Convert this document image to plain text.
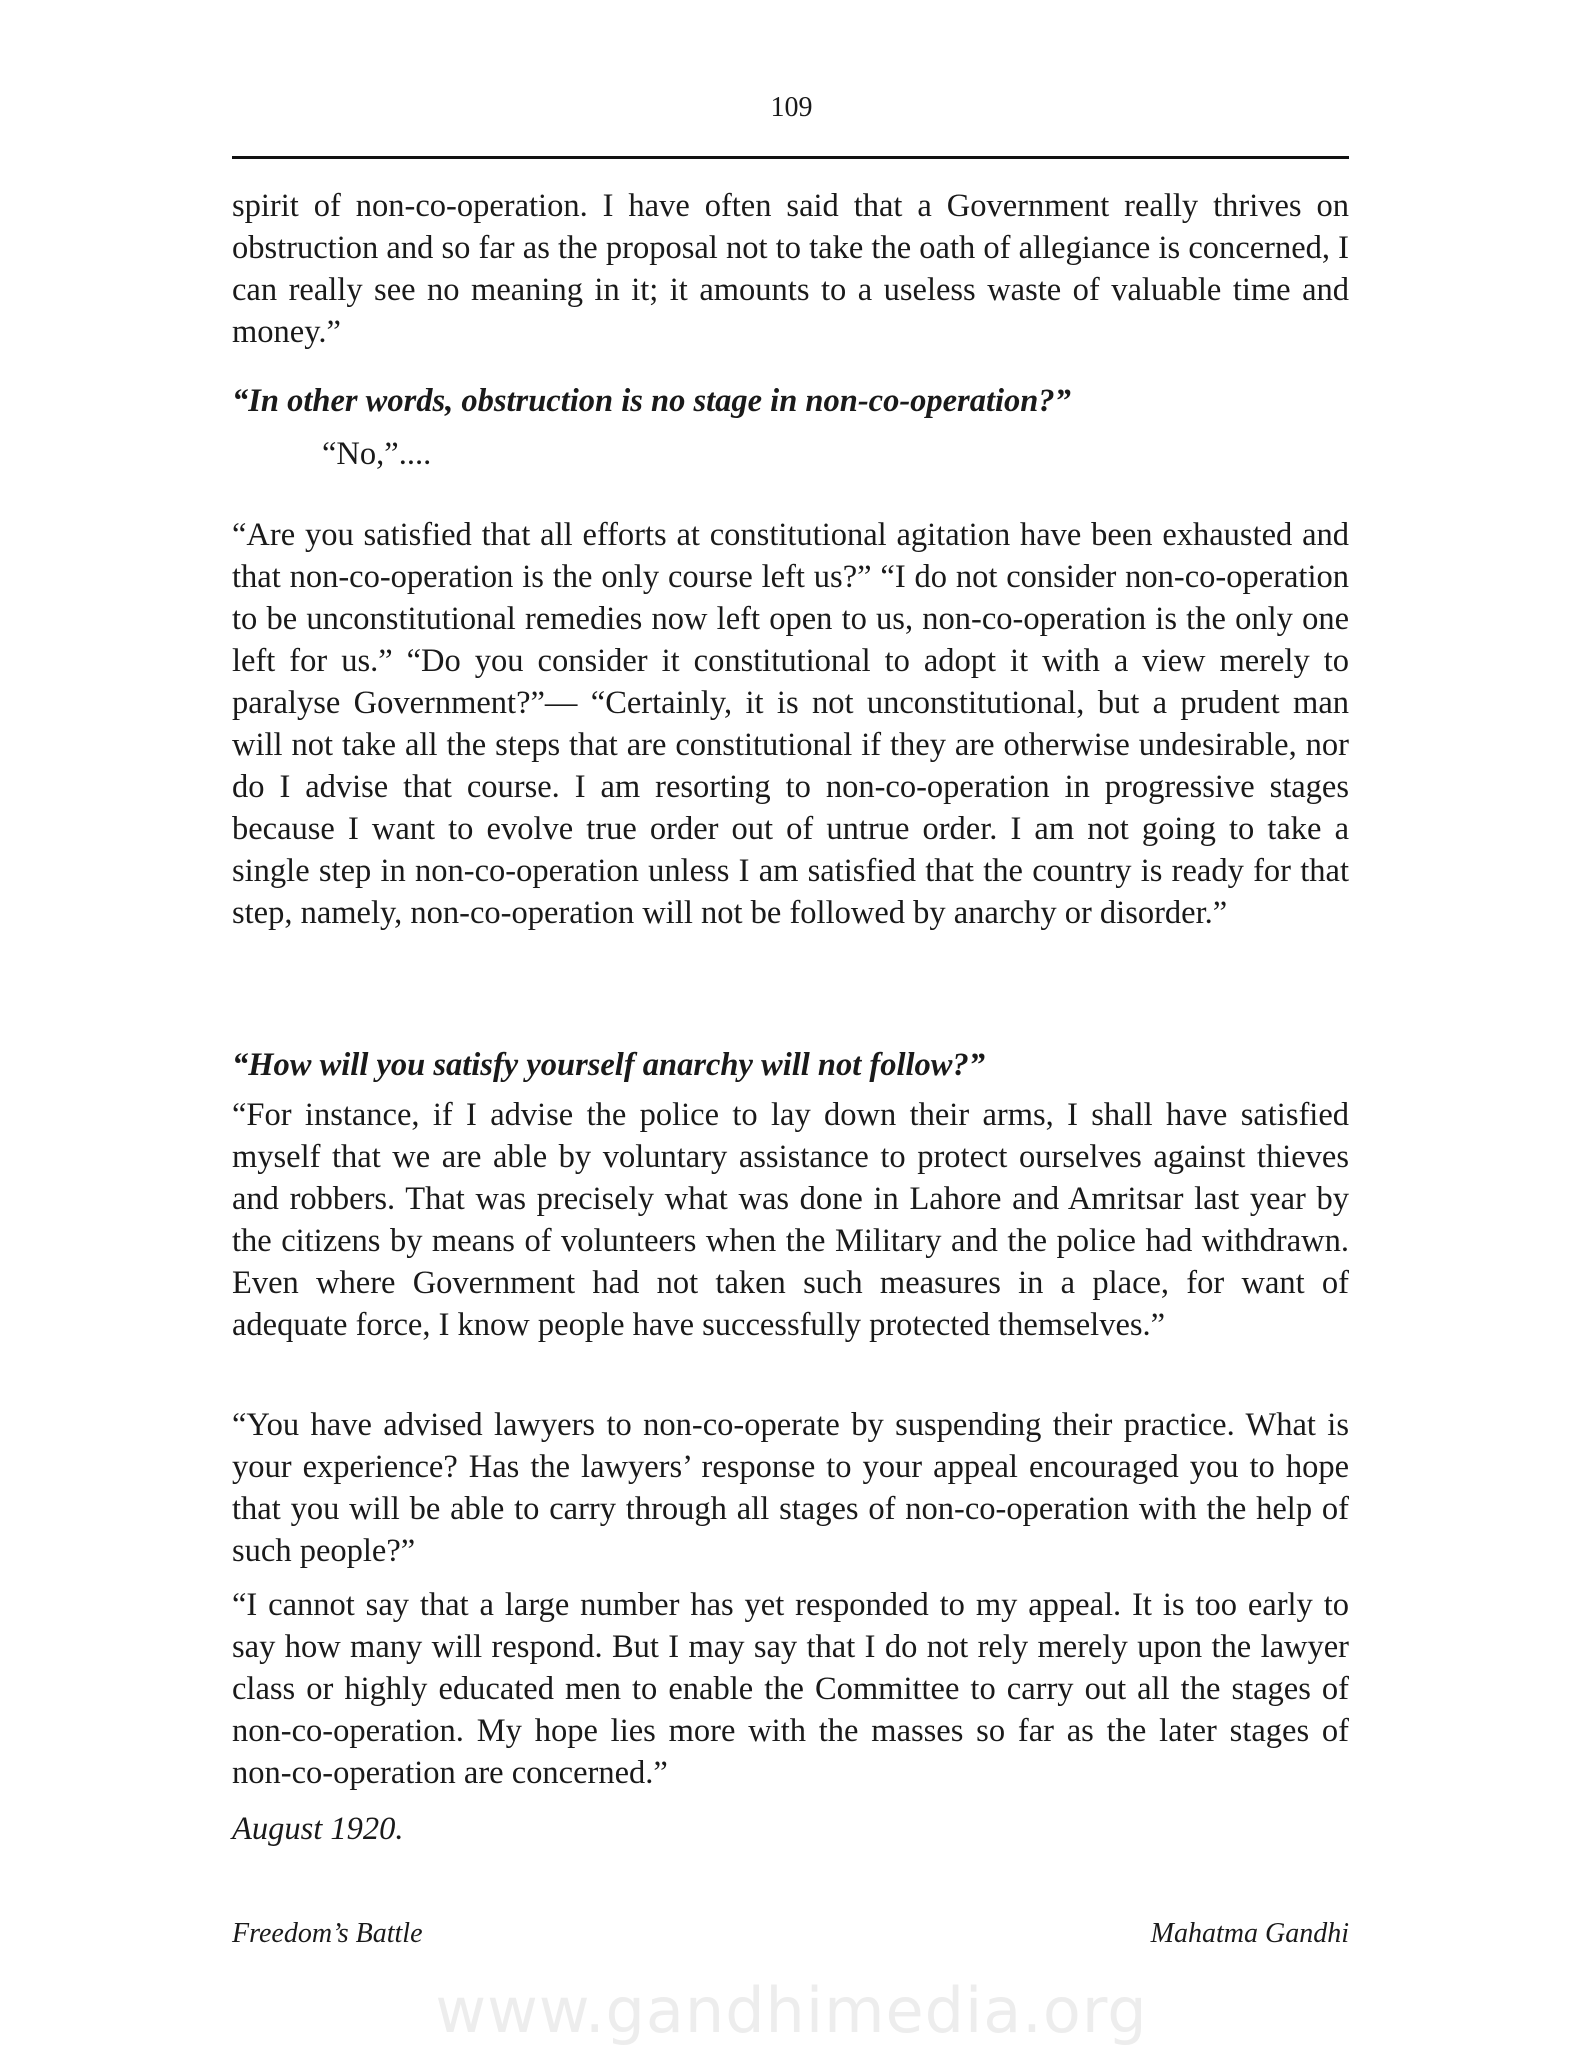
109

spirit of non-co-operation. I have often said that a Government really thrives on obstruction and so far as the proposal not to take the oath of allegiance is concerned, I can really see no meaning in it; it amounts to a useless waste of valuable time and money.”

“In other words, obstruction is no stage in non-co-operation?”

“No,”....

“Are you satisfied that all efforts at constitutional agitation have been exhausted and that non-co-operation is the only course left us?” “I do not consider non-co-operation to be unconstitutional remedies now left open to us, non-co-operation is the only one left for us.” “Do you consider it constitutional to adopt it with a view merely to paralyse Government?”— “Certainly, it is not unconstitutional, but a prudent man will not take all the steps that are constitutional if they are otherwise undesirable, nor do I advise that course. I am resorting to non-co-operation in progressive stages because I want to evolve true order out of untrue order. I am not going to take a single step in non-co-operation unless I am satisfied that the country is ready for that step, namely, non-co-operation will not be followed by anarchy or disorder.”

“How will you satisfy yourself anarchy will not follow?”

“For instance, if I advise the police to lay down their arms, I shall have satisfied myself that we are able by voluntary assistance to protect ourselves against thieves and robbers. That was precisely what was done in Lahore and Amritsar last year by the citizens by means of volunteers when the Military and the police had withdrawn. Even where Government had not taken such measures in a place, for want of adequate force, I know people have successfully protected themselves.”

“You have advised lawyers to non-co-operate by suspending their practice. What is your experience? Has the lawyers’ response to your appeal encouraged you to hope that you will be able to carry through all stages of non-co-operation with the help of such people?”

“I cannot say that a large number has yet responded to my appeal. It is too early to say how many will respond. But I may say that I do not rely merely upon the lawyer class or highly educated men to enable the Committee to carry out all the stages of non-co-operation. My hope lies more with the masses so far as the later stages of non-co-operation are concerned.”

August 1920.

Freedom’s Battle	Mahatma Gandhi
www.gandhimedia.org
